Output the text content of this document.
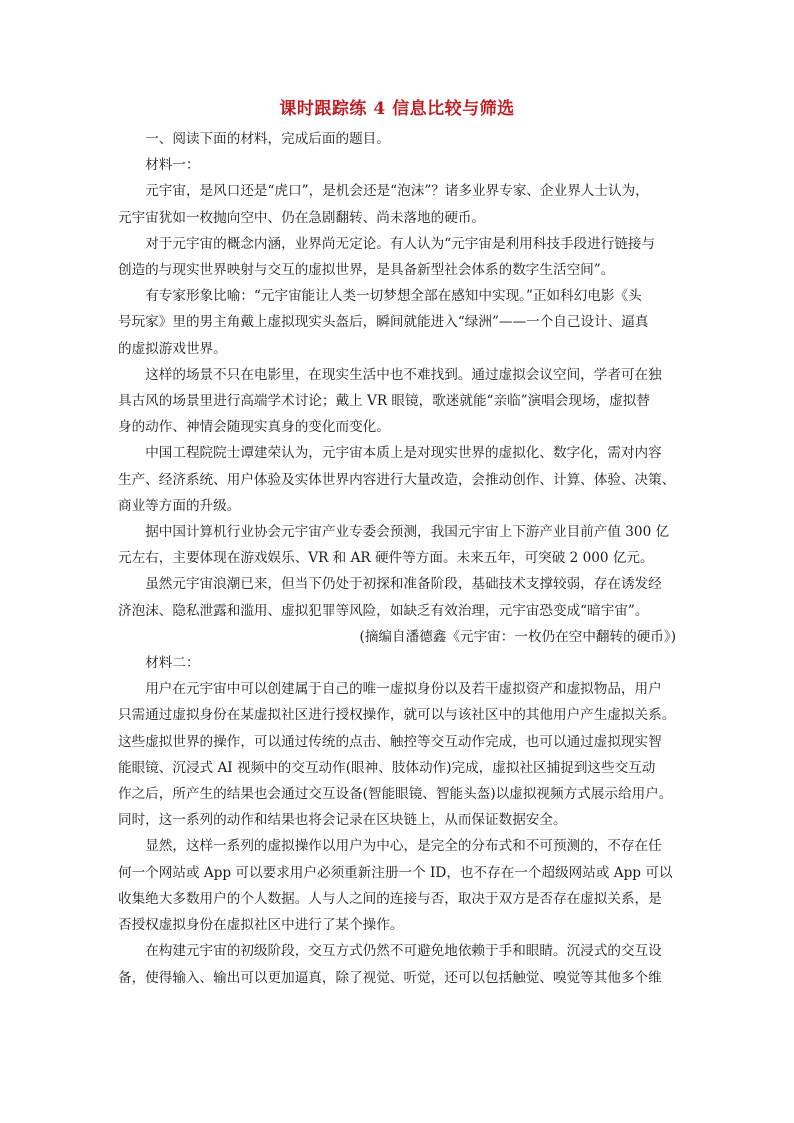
课时跟踪练 4 信息比较与筛选

一、阅读下面的材料，完成后面的题目。

材料一：

元宇宙，是风口还是“虎口”，是机会还是“泡沫”？诸多业界专家、企业界人士认为，
元宇宙犹如一枚抛向空中、仍在急剧翻转、尚未落地的硬币。

对于元宇宙的概念内涵，业界尚无定论。有人认为“元宇宙是利用科技手段进行链接与
创造的与现实世界映射与交互的虚拟世界，是具备新型社会体系的数字生活空间”。

有专家形象比喻：“元宇宙能让人类一切梦想全部在感知中实现。”正如科幻电影《头
号玩家》里的男主角戴上虚拟现实头盔后，瞬间就能进入“绿洲”——一个自己设计、逼真
的虚拟游戏世界。

这样的场景不只在电影里，在现实生活中也不难找到。通过虚拟会议空间，学者可在独
具古风的场景里进行高端学术讨论；戴上 VR 眼镜，歌迷就能“亲临”演唱会现场，虚拟替
身的动作、神情会随现实真身的变化而变化。

中国工程院院士谭建荣认为，元宇宙本质上是对现实世界的虚拟化、数字化，需对内容
生产、经济系统、用户体验及实体世界内容进行大量改造，会推动创作、计算、体验、决策、
商业等方面的升级。

据中国计算机行业协会元宇宙产业专委会预测，我国元宇宙上下游产业目前产值 300 亿
元左右，主要体现在游戏娱乐、VR 和 AR 硬件等方面。未来五年，可突破 2 000 亿元。

虽然元宇宙浪潮已来，但当下仍处于初探和准备阶段，基础技术支撑较弱，存在诱发经
济泡沫、隐私泄露和滥用、虚拟犯罪等风险，如缺乏有效治理，元宇宙恐变成“暗宇宙”。

(摘编自潘德鑫《元宇宙：一枚仍在空中翻转的硬币》)

材料二：

用户在元宇宙中可以创建属于自己的唯一虚拟身份以及若干虚拟资产和虚拟物品，用户
只需通过虚拟身份在某虚拟社区进行授权操作，就可以与该社区中的其他用户产生虚拟关系。
这些虚拟世界的操作，可以通过传统的点击、触控等交互动作完成，也可以通过虚拟现实智
能眼镜、沉浸式 AI 视频中的交互动作(眼神、肢体动作)完成，虚拟社区捕捉到这些交互动
作之后，所产生的结果也会通过交互设备(智能眼镜、智能头盔)以虚拟视频方式展示给用户。
同时，这一系列的动作和结果也将会记录在区块链上，从而保证数据安全。

显然，这样一系列的虚拟操作以用户为中心，是完全的分布式和不可预测的，不存在任
何一个网站或 App 可以要求用户必须重新注册一个 ID，也不存在一个超级网站或 App 可以
收集绝大多数用户的个人数据。人与人之间的连接与否，取决于双方是否存在虚拟关系，是
否授权虚拟身份在虚拟社区中进行了某个操作。

在构建元宇宙的初级阶段，交互方式仍然不可避免地依赖于手和眼睛。沉浸式的交互设
备，使得输入、输出可以更加逼真，除了视觉、听觉，还可以包括触觉、嗅觉等其他多个维
